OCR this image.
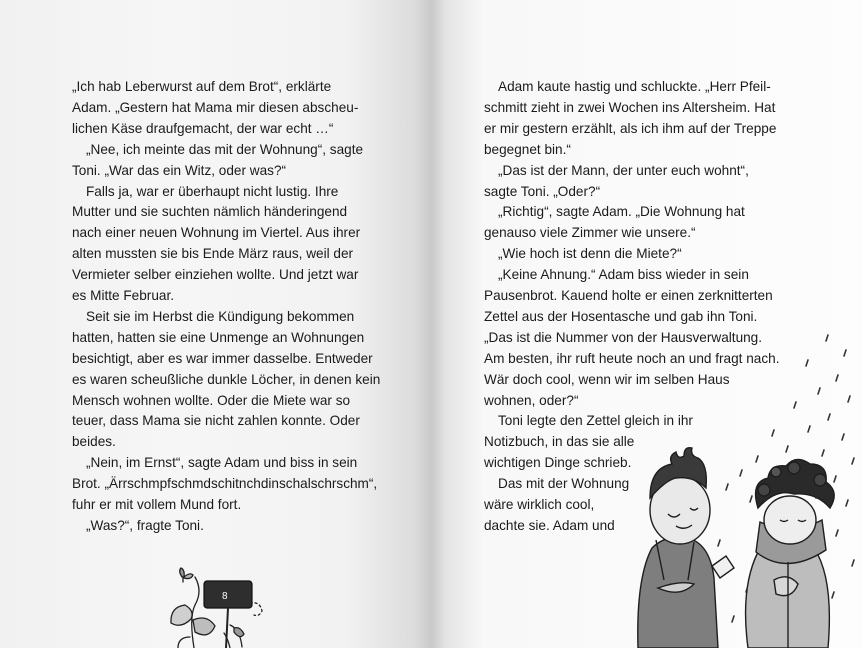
„Ich hab Leberwurst auf dem Brot“, erklärte
Adam. „Gestern hat Mama mir diesen abscheu-
lichen Käse draufgemacht, der war echt …“
„Nee, ich meinte das mit der Wohnung“, sagte
Toni. „War das ein Witz, oder was?“
Falls ja, war er überhaupt nicht lustig. Ihre
Mutter und sie suchten nämlich händeringend
nach einer neuen Wohnung im Viertel. Aus ihrer
alten mussten sie bis Ende März raus, weil der
Vermieter selber einziehen wollte. Und jetzt war
es Mitte Februar.
Seit sie im Herbst die Kündigung bekommen
hatten, hatten sie eine Unmenge an Wohnungen
besichtigt, aber es war immer dasselbe. Entweder
es waren scheußliche dunkle Löcher, in denen kein
Mensch wohnen wollte. Oder die Miete war so
teuer, dass Mama sie nicht zahlen konnte. Oder
beides.
„Nein, im Ernst“, sagte Adam und biss in sein
Brot. „Ärrschmpfschmdschitnchdinschalschrschm“,
fuhr er mit vollem Mund fort.
„Was?“, fragte Toni.
Adam kaute hastig und schluckte. „Herr Pfeil-
schmitt zieht in zwei Wochen ins Altersheim. Hat
er mir gestern erzählt, als ich ihm auf der Treppe
begegnet bin.“
„Das ist der Mann, der unter euch wohnt“,
sagte Toni. „Oder?“
„Richtig“, sagte Adam. „Die Wohnung hat
genauso viele Zimmer wie unsere.“
„Wie hoch ist denn die Miete?“
„Keine Ahnung.“ Adam biss wieder in sein
Pausenbrot. Kauend holte er einen zerknitterten
Zettel aus der Hosentasche und gab ihn Toni.
„Das ist die Nummer von der Hausverwaltung.
Am besten, ihr ruft heute noch an und fragt nach.
Wär doch cool, wenn wir im selben Haus
wohnen, oder?“
Toni legte den Zettel gleich in ihr
Notizbuch, in das sie alle
wichtigen Dinge schrieb.
Das mit der Wohnung
wäre wirklich cool,
dachte sie. Adam und
8
